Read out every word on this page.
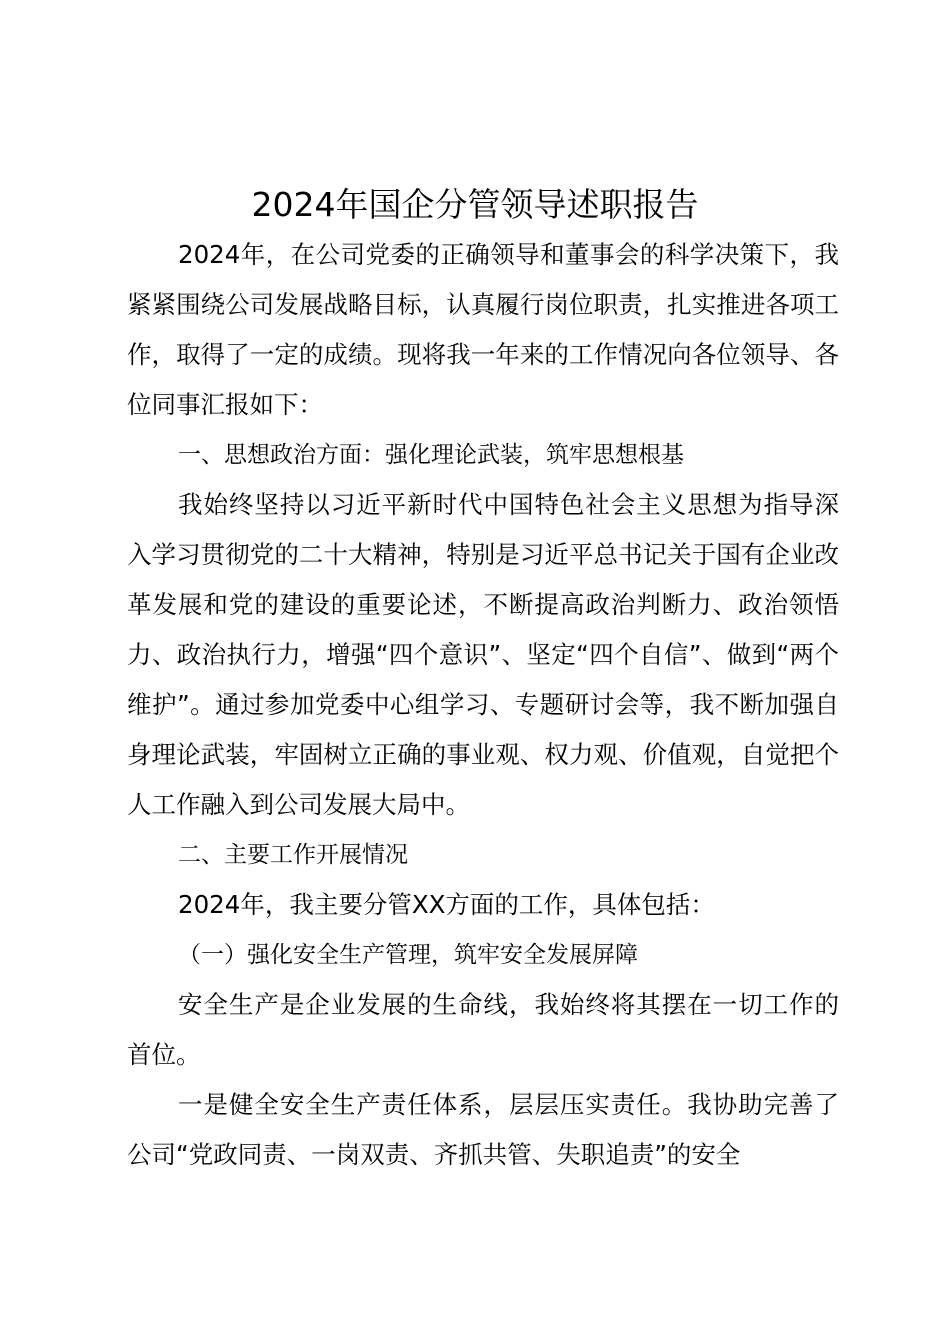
2024年国企分管领导述职报告

2024年，在公司党委的正确领导和董事会的科学决策下，我紧紧围绕公司发展战略目标，认真履行岗位职责，扎实推进各项工作，取得了一定的成绩。现将我一年来的工作情况向各位领导、各位同事汇报如下：

一、思想政治方面：强化理论武装，筑牢思想根基

我始终坚持以习近平新时代中国特色社会主义思想为指导深入学习贯彻党的二十大精神，特别是习近平总书记关于国有企业改革发展和党的建设的重要论述，不断提高政治判断力、政治领悟力、政治执行力，增强“四个意识”、坚定“四个自信”、做到“两个维护”。通过参加党委中心组学习、专题研讨会等，我不断加强自身理论武装，牢固树立正确的事业观、权力观、价值观，自觉把个人工作融入到公司发展大局中。

二、主要工作开展情况

2024年，我主要分管XX方面的工作，具体包括：

（一）强化安全生产管理，筑牢安全发展屏障

安全生产是企业发展的生命线，我始终将其摆在一切工作的首位。

一是健全安全生产责任体系，层层压实责任。我协助完善了公司“党政同责、一岗双责、齐抓共管、失职追责”的安全
